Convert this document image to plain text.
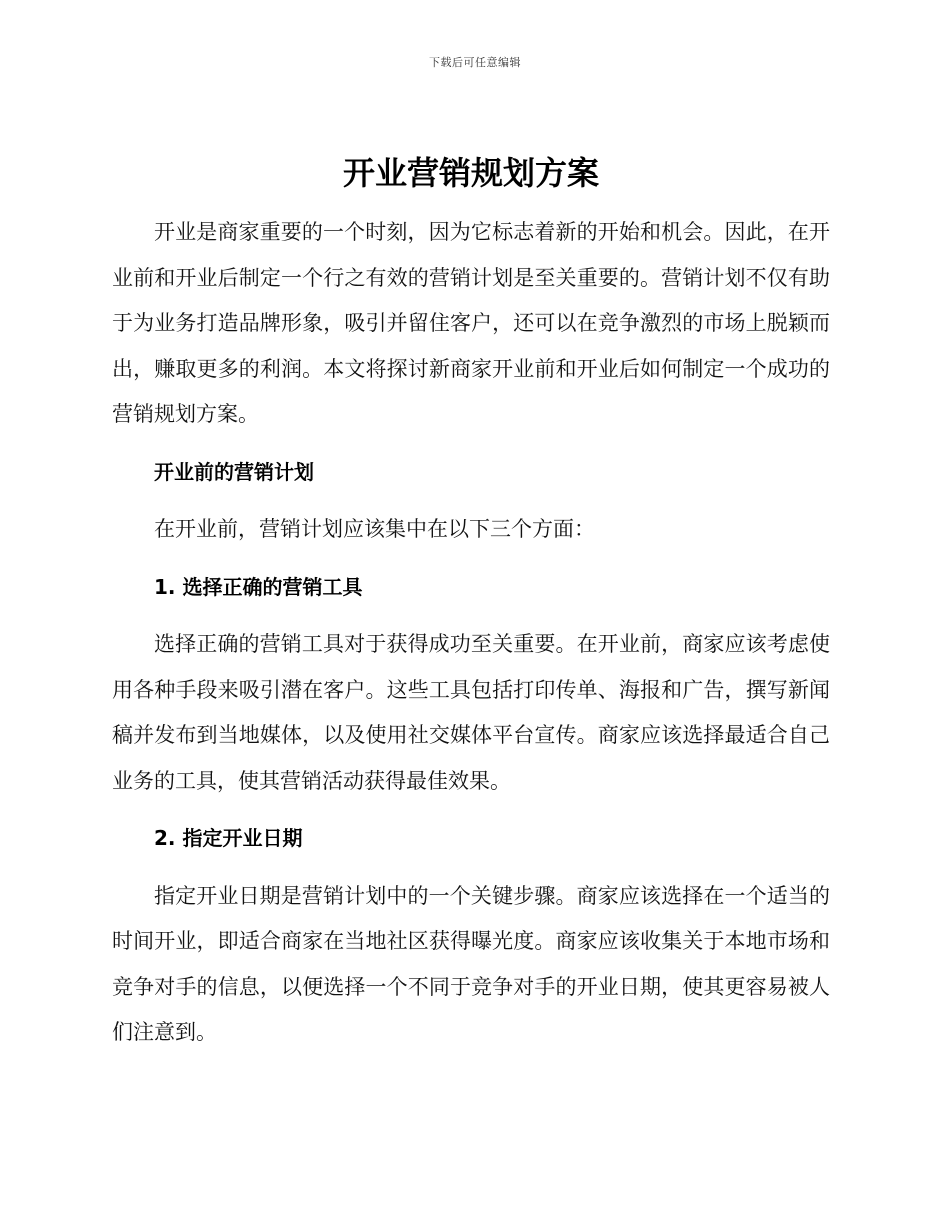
下载后可任意编辑
开业营销规划方案

开业是商家重要的一个时刻，因为它标志着新的开始和机会。因此，在开业前和开业后制定一个行之有效的营销计划是至关重要的。营销计划不仅有助于为业务打造品牌形象，吸引并留住客户，还可以在竞争激烈的市场上脱颖而出，赚取更多的利润。本文将探讨新商家开业前和开业后如何制定一个成功的营销规划方案。

开业前的营销计划

在开业前，营销计划应该集中在以下三个方面：

1. 选择正确的营销工具

选择正确的营销工具对于获得成功至关重要。在开业前，商家应该考虑使用各种手段来吸引潜在客户。这些工具包括打印传单、海报和广告，撰写新闻稿并发布到当地媒体，以及使用社交媒体平台宣传。商家应该选择最适合自己业务的工具，使其营销活动获得最佳效果。

2. 指定开业日期

指定开业日期是营销计划中的一个关键步骤。商家应该选择在一个适当的时间开业，即适合商家在当地社区获得曝光度。商家应该收集关于本地市场和竞争对手的信息，以便选择一个不同于竞争对手的开业日期，使其更容易被人们注意到。
